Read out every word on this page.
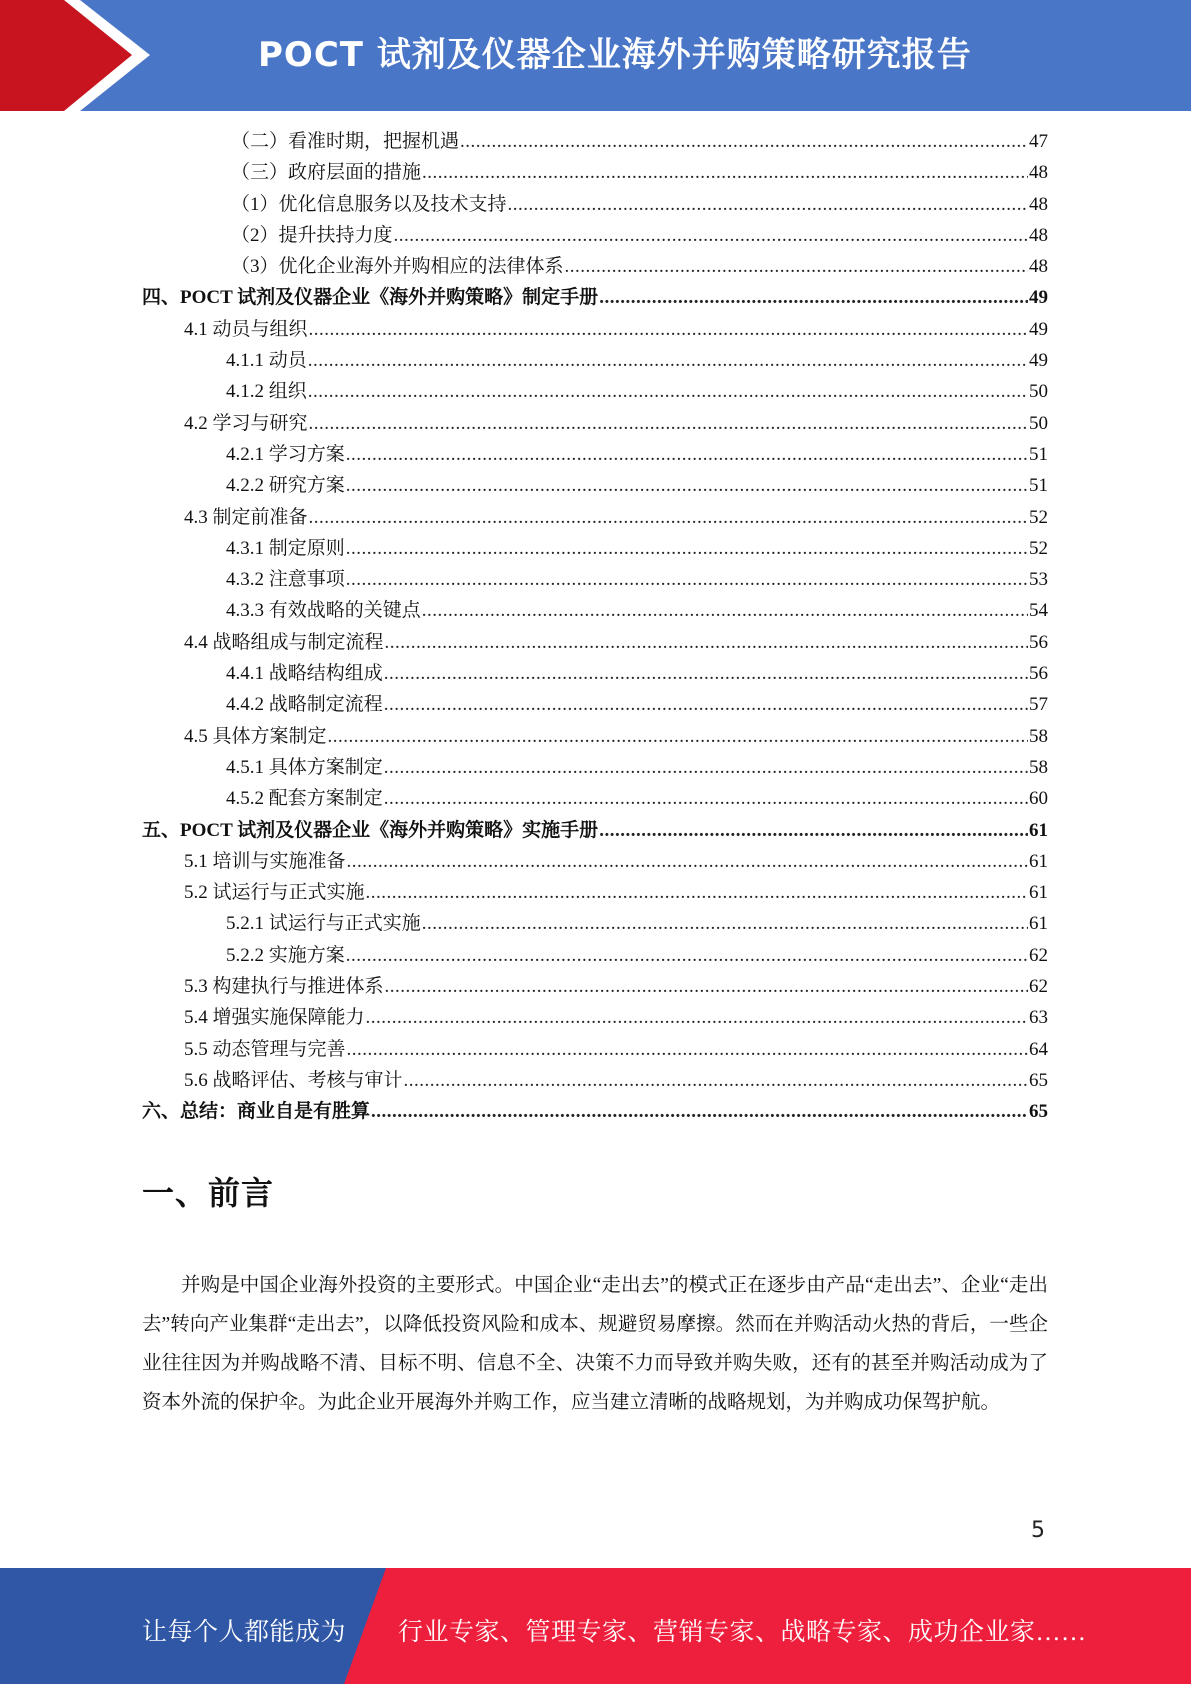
POCT 试剂及仪器企业海外并购策略研究报告
（二）看准时期，把握机遇 .....	47
（三）政府层面的措施 .....	48
（1）优化信息服务以及技术支持 .....	48
（2）提升扶持力度 .....	48
（3）优化企业海外并购相应的法律体系 .....	48
四、POCT 试剂及仪器企业《海外并购策略》制定手册 .....	49
4.1 动员与组织 .....	49
4.1.1 动员 .....	49
4.1.2 组织 .....	50
4.2 学习与研究 .....	50
4.2.1 学习方案 .....	51
4.2.2 研究方案 .....	51
4.3 制定前准备 .....	52
4.3.1 制定原则 .....	52
4.3.2 注意事项 .....	53
4.3.3 有效战略的关键点 .....	54
4.4 战略组成与制定流程 .....	56
4.4.1 战略结构组成 .....	56
4.4.2 战略制定流程 .....	57
4.5 具体方案制定 .....	58
4.5.1 具体方案制定 .....	58
4.5.2 配套方案制定 .....	60
五、POCT 试剂及仪器企业《海外并购策略》实施手册 .....	61
5.1 培训与实施准备 .....	61
5.2 试运行与正式实施 .....	61
5.2.1 试运行与正式实施 .....	61
5.2.2 实施方案 .....	62
5.3 构建执行与推进体系 .....	62
5.4 增强实施保障能力 .....	63
5.5 动态管理与完善 .....	64
5.6 战略评估、考核与审计 .....	65
六、总结：商业自是有胜算 .....	65
一、前言

并购是中国企业海外投资的主要形式。中国企业“走出去”的模式正在逐步由产品“走出去”、企业“走出去”转向产业集群“走出去”，以降低投资风险和成本、规避贸易摩擦。然而在并购活动火热的背后，一些企业往往因为并购战略不清、目标不明、信息不全、决策不力而导致并购失败，还有的甚至并购活动成为了资本外流的保护伞。为此企业开展海外并购工作，应当建立清晰的战略规划，为并购成功保驾护航。

5
让每个人都能成为 行业专家、管理专家、营销专家、战略专家、成功企业家……
